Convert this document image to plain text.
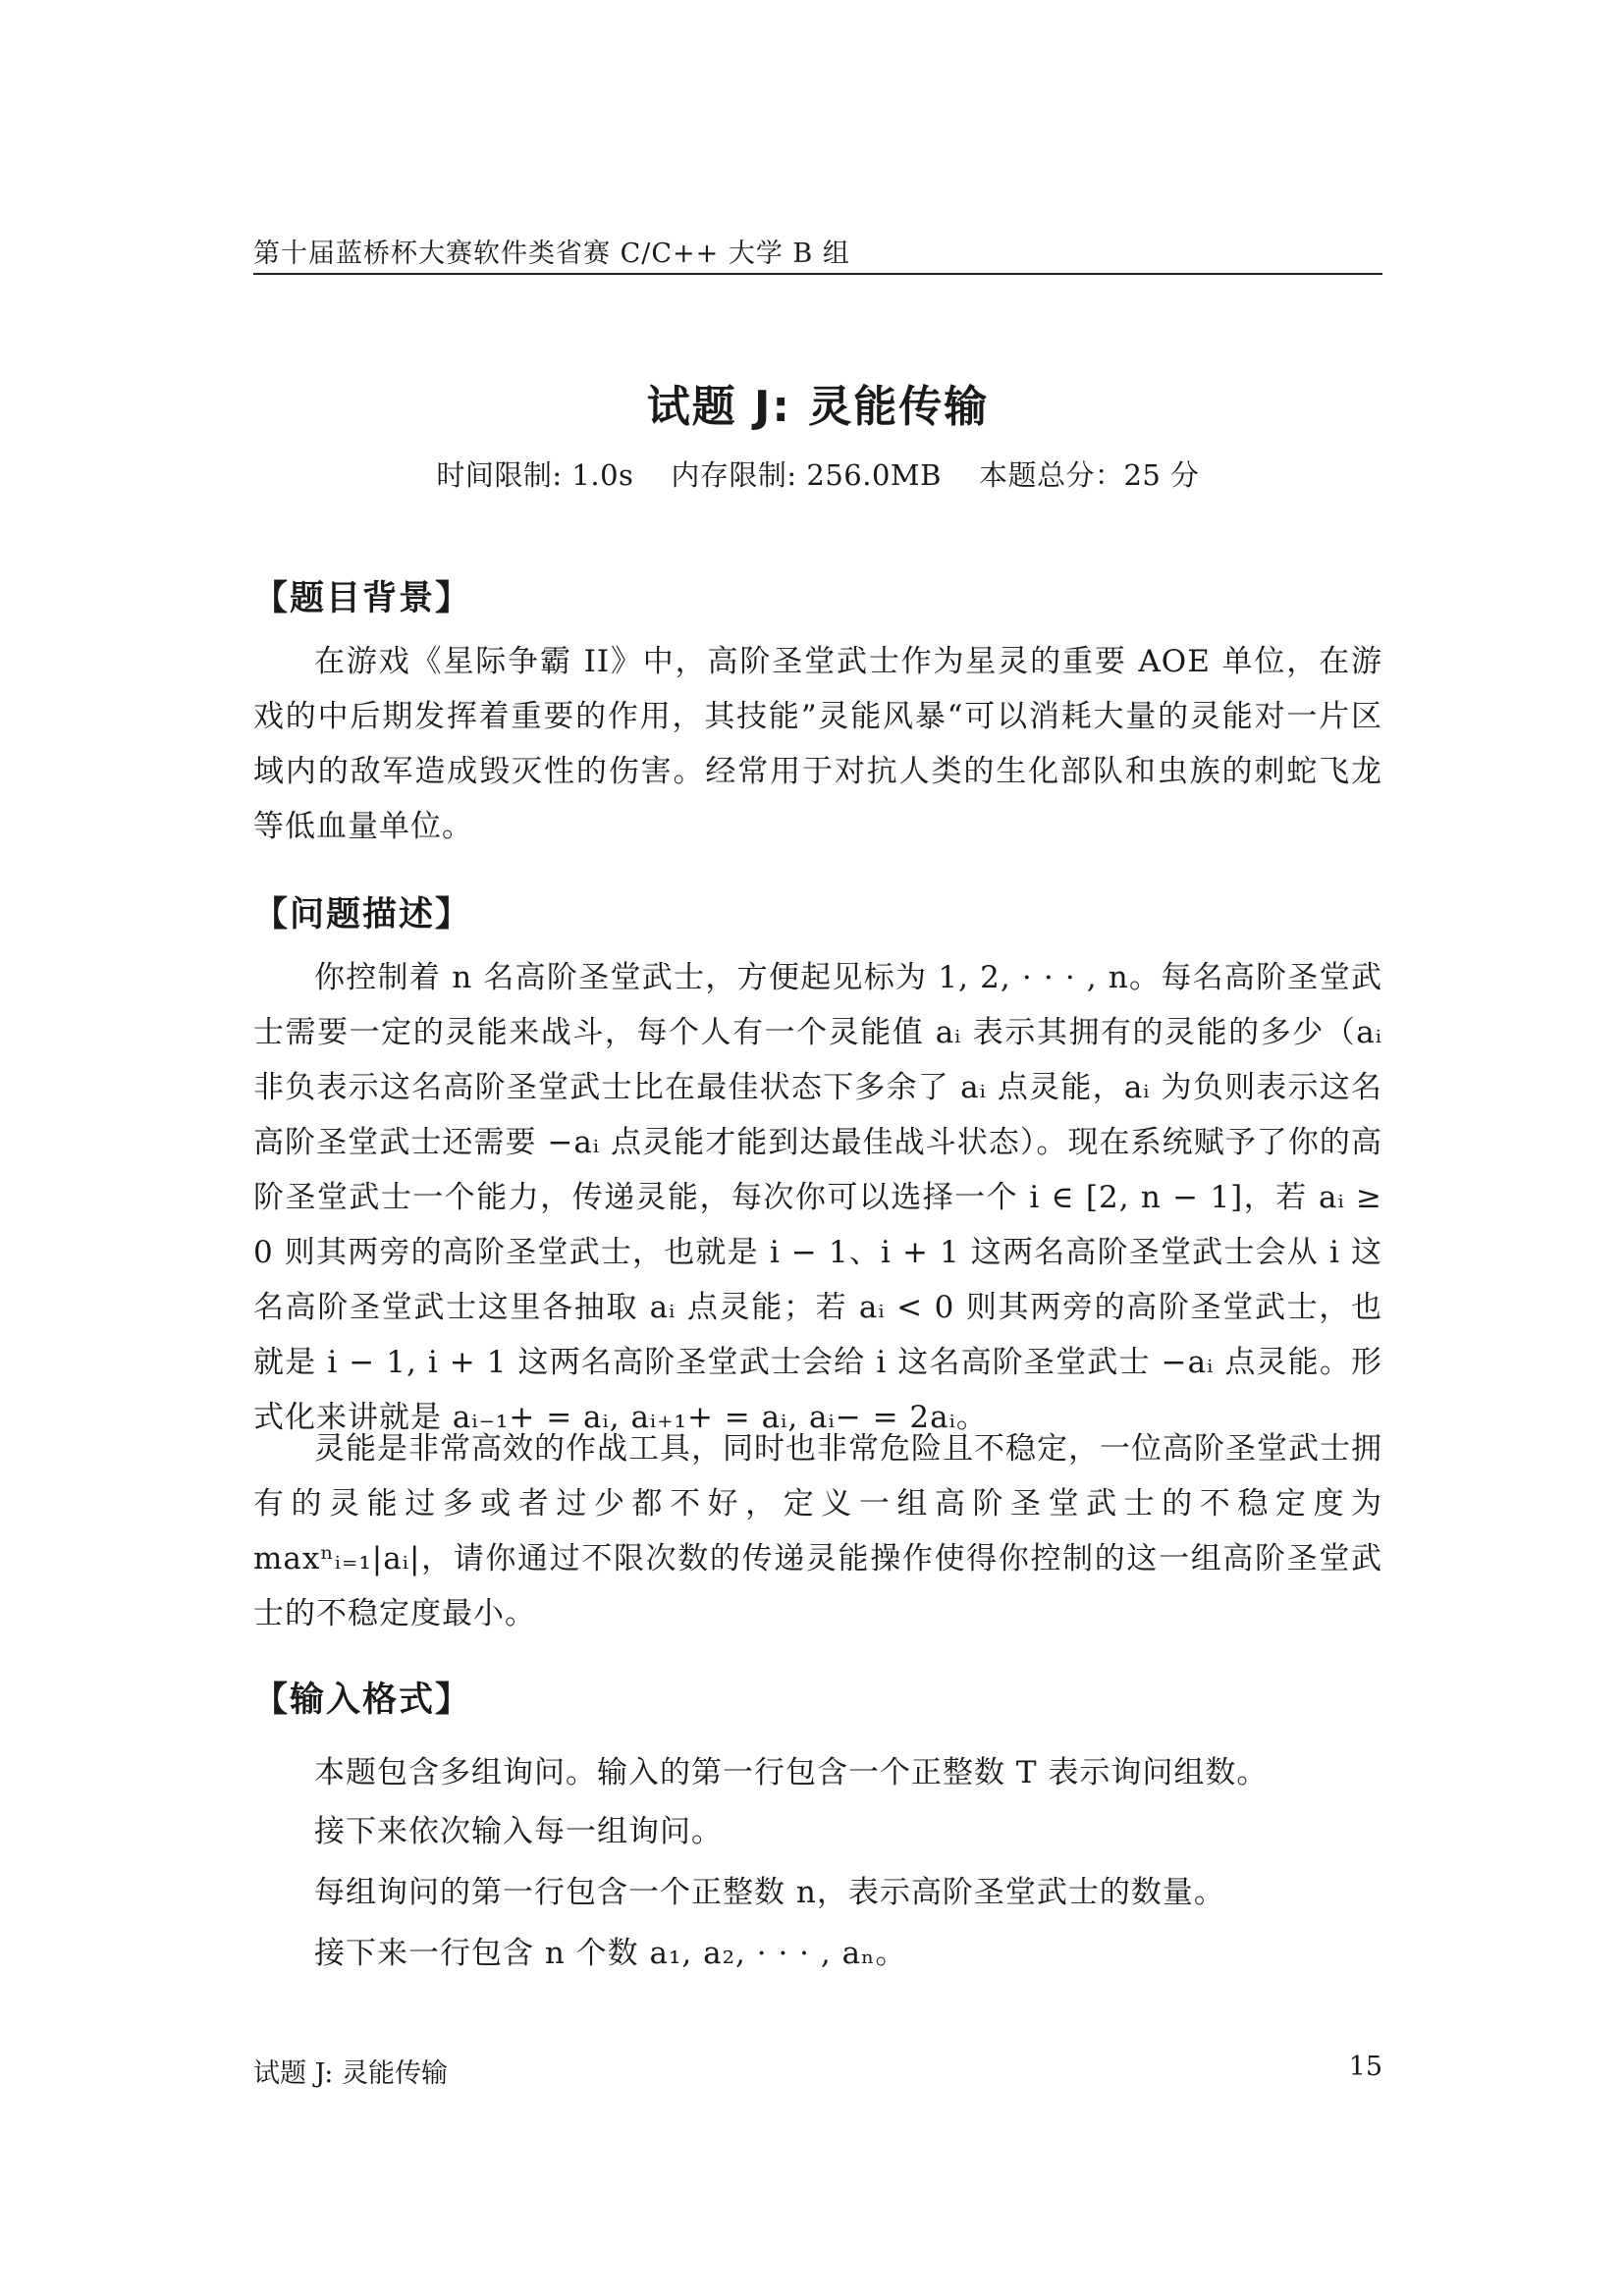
第十届蓝桥杯大赛软件类省赛 C/C++ 大学 B 组
试题 J: 灵能传输
时间限制: 1.0s 内存限制: 256.0MB 本题总分：25 分
【题目背景】
在游戏《星际争霸 II》中，高阶圣堂武士作为星灵的重要 AOE 单位，在游戏的中后期发挥着重要的作用，其技能”灵能风暴“可以消耗大量的灵能对一片区域内的敌军造成毁灭性的伤害。经常用于对抗人类的生化部队和虫族的刺蛇飞龙等低血量单位。
【问题描述】
你控制着 n 名高阶圣堂武士，方便起见标为 1, 2, · · · , n。每名高阶圣堂武士需要一定的灵能来战斗，每个人有一个灵能值 aᵢ 表示其拥有的灵能的多少（aᵢ 非负表示这名高阶圣堂武士比在最佳状态下多余了 aᵢ 点灵能，aᵢ 为负则表示这名高阶圣堂武士还需要 −aᵢ 点灵能才能到达最佳战斗状态）。现在系统赋予了你的高阶圣堂武士一个能力，传递灵能，每次你可以选择一个 i ∈ [2, n − 1]，若 aᵢ ≥ 0 则其两旁的高阶圣堂武士，也就是 i − 1、i + 1 这两名高阶圣堂武士会从 i 这名高阶圣堂武士这里各抽取 aᵢ 点灵能；若 aᵢ < 0 则其两旁的高阶圣堂武士，也就是 i − 1, i + 1 这两名高阶圣堂武士会给 i 这名高阶圣堂武士 −aᵢ 点灵能。形式化来讲就是 aᵢ₋₁+ = aᵢ, aᵢ₊₁+ = aᵢ, aᵢ− = 2aᵢ。
灵能是非常高效的作战工具，同时也非常危险且不稳定，一位高阶圣堂武士拥有的灵能过多或者过少都不好，定义一组高阶圣堂武士的不稳定度为 maxⁿᵢ₌₁|aᵢ|，请你通过不限次数的传递灵能操作使得你控制的这一组高阶圣堂武士的不稳定度最小。
【输入格式】
本题包含多组询问。输入的第一行包含一个正整数 T 表示询问组数。
接下来依次输入每一组询问。
每组询问的第一行包含一个正整数 n，表示高阶圣堂武士的数量。
接下来一行包含 n 个数 a₁, a₂, · · · , aₙ。
试题 J: 灵能传输	15
